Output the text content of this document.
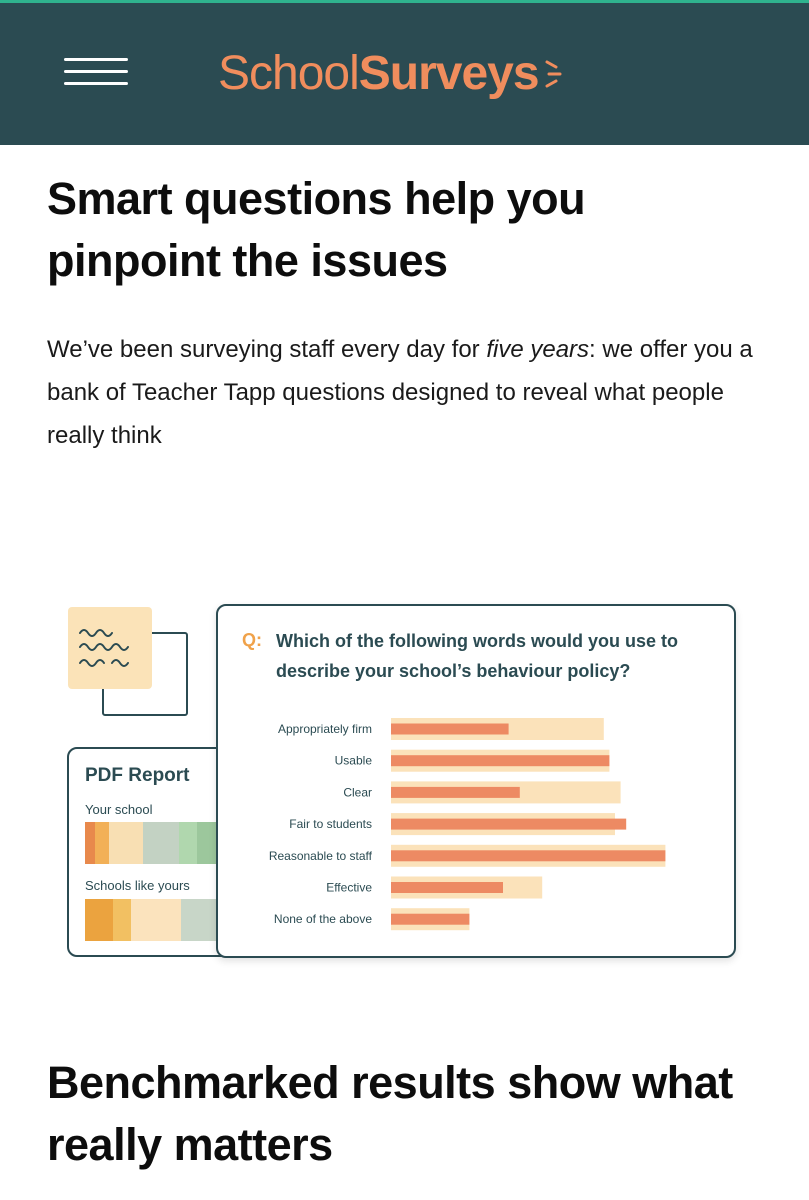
School Surveys
Smart questions help you pinpoint the issues

We’ve been surveying staff every day for five years: we offer you a bank of Teacher Tapp questions designed to reveal what people really think

PDF Report
Your school
Schools like yours
Q: Which of the following words would you use to describe your school’s behaviour policy?
Appropriately firm
Usable
Clear
Fair to students
Reasonable to staff
Effective
None of the above
Benchmarked results show what really matters
